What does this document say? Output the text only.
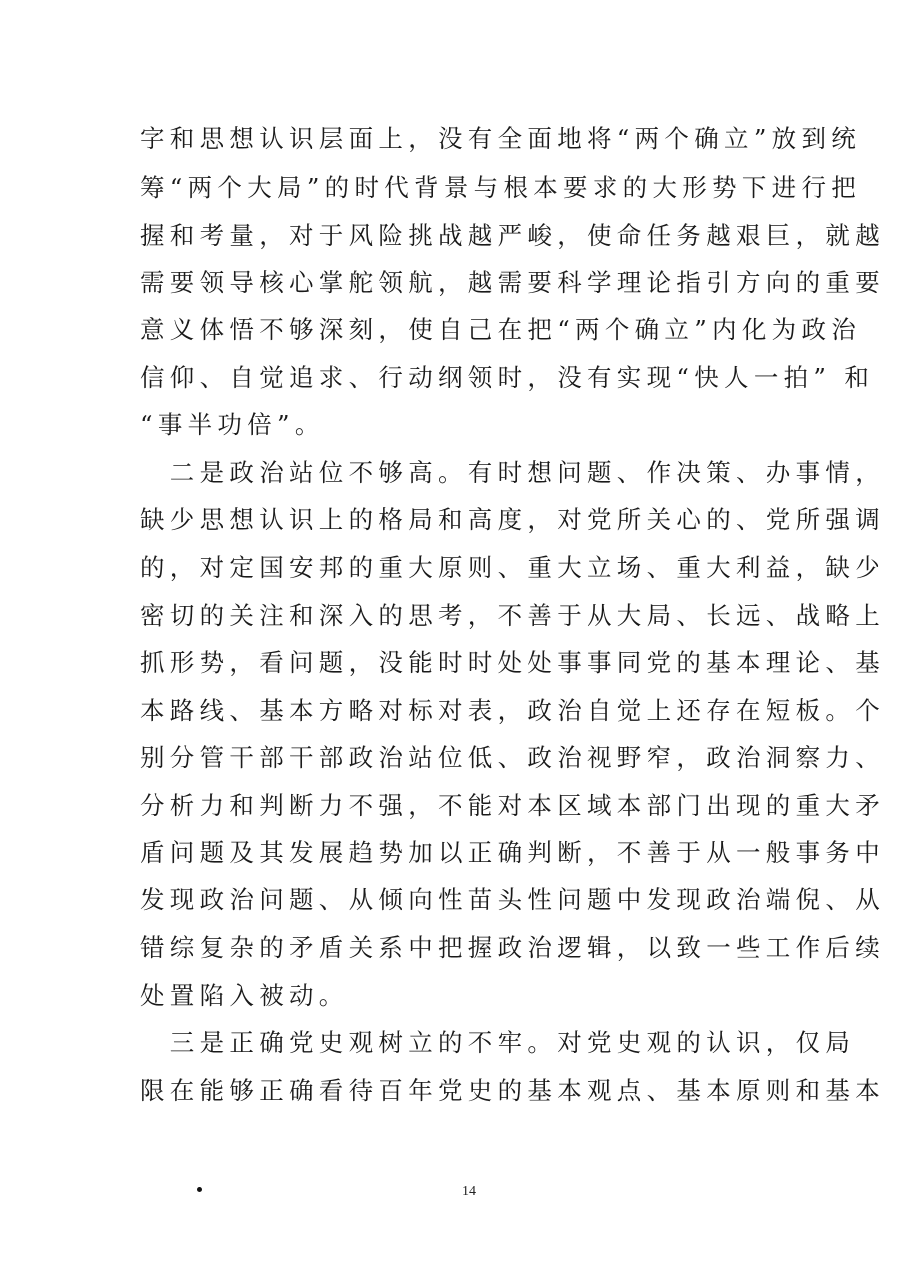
字和思想认识层面上，没有全面地将“两个确立”放到统
筹“两个大局”的时代背景与根本要求的大形势下进行把
握和考量，对于风险挑战越严峻，使命任务越艰巨，就越
需要领导核心掌舵领航，越需要科学理论指引方向的重要
意义体悟不够深刻，使自己在把“两个确立”内化为政治
信仰、自觉追求、行动纲领时，没有实现“快人一拍” 和
“事半功倍”。
　二是政治站位不够高。有时想问题、作决策、办事情，
缺少思想认识上的格局和高度，对党所关心的、党所强调
的，对定国安邦的重大原则、重大立场、重大利益，缺少
密切的关注和深入的思考，不善于从大局、长远、战略上
抓形势，看问题，没能时时处处事事同党的基本理论、基
本路线、基本方略对标对表，政治自觉上还存在短板。个
别分管干部干部政治站位低、政治视野窄，政治洞察力、
分析力和判断力不强，不能对本区域本部门出现的重大矛
盾问题及其发展趋势加以正确判断，不善于从一般事务中
发现政治问题、从倾向性苗头性问题中发现政治端倪、从
错综复杂的矛盾关系中把握政治逻辑，以致一些工作后续
处置陷入被动。
　三是正确党史观树立的不牢。对党史观的认识，仅局
限在能够正确看待百年党史的基本观点、基本原则和基本
14
